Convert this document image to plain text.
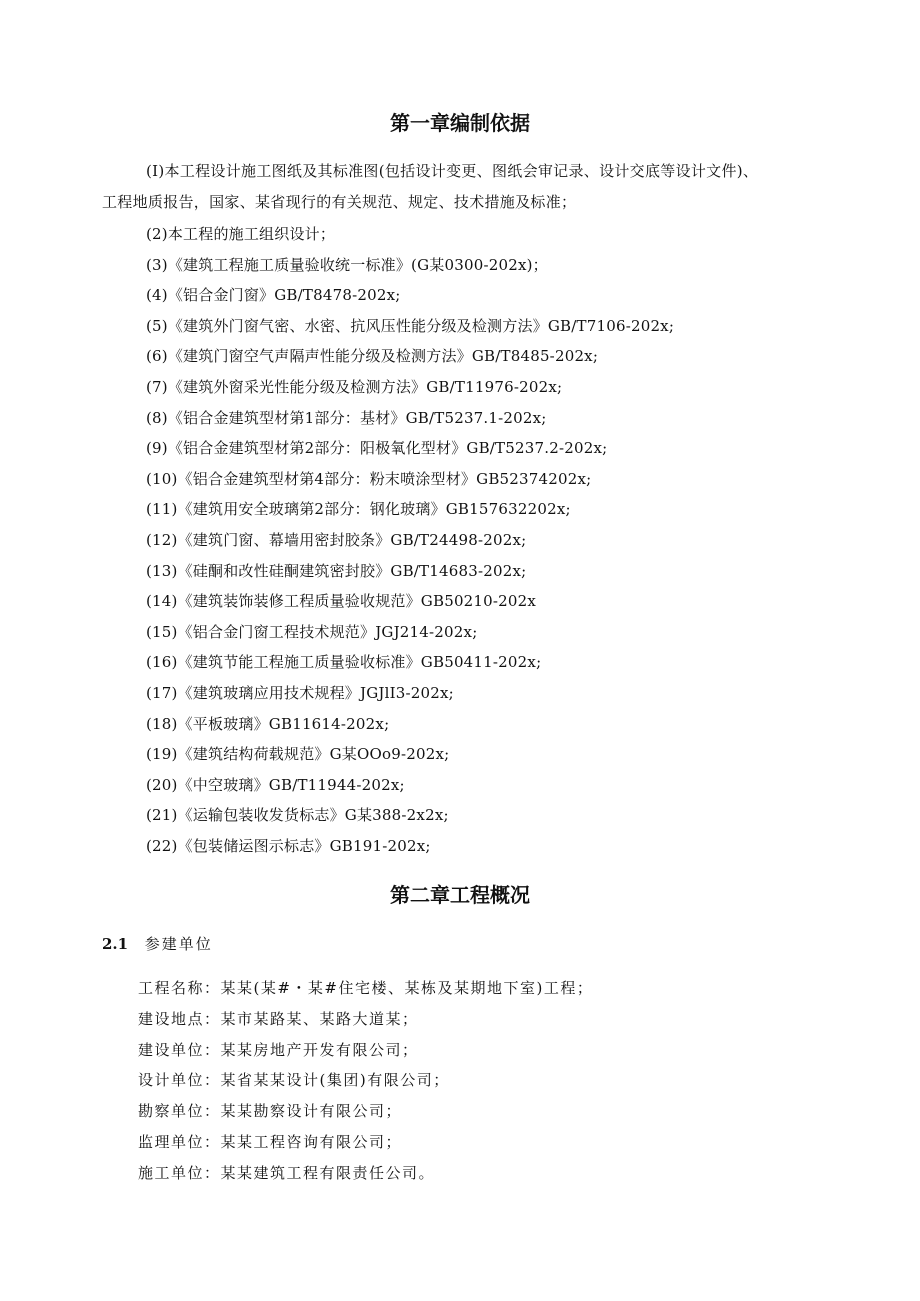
第一章编制依据
(I)本工程设计施工图纸及其标准图(包括设计变更、图纸会审记录、设计交底等设计文件)、
工程地质报告，国家、某省现行的有关规范、规定、技术措施及标准；
(2)本工程的施工组织设计；
(3)《建筑工程施工质量验收统一标准》(G某0300-202x)；
(4)《铝合金门窗》GB∕T8478-202x;
(5)《建筑外门窗气密、水密、抗风压性能分级及检测方法》GB∕T7106-202x;
(6)《建筑门窗空气声隔声性能分级及检测方法》GB∕T8485-202x;
(7)《建筑外窗采光性能分级及检测方法》GB∕T11976-202x;
(8)《铝合金建筑型材第1部分：基材》GB∕T5237.1-202x;
(9)《铝合金建筑型材第2部分：阳极氧化型材》GB∕T5237.2-202x;
(10)《铝合金建筑型材第4部分：粉末喷涂型材》GB52374202x;
(11)《建筑用安全玻璃第2部分：钢化玻璃》GB157632202x;
(12)《建筑门窗、幕墙用密封胶条》GB/T24498-202x;
(13)《硅酮和改性硅酮建筑密封胶》GB/T14683-202x;
(14)《建筑装饰装修工程质量验收规范》GB50210-202x
(15)《铝合金门窗工程技术规范》JGJ214-202x;
(16)《建筑节能工程施工质量验收标准》GB50411-202x;
(17)《建筑玻璃应用技术规程》JGJlI3-202x;
(18)《平板玻璃》GB11614-202x;
(19)《建筑结构荷载规范》G某OOo9-202x;
(20)《中空玻璃》GB∕T11944-202x;
(21)《运输包装收发货标志》G某388-2x2x;
(22)《包装储运图示标志》GB191-202x;
第二章工程概况
2.1 参建单位
工程名称：某某(某#・某#住宅楼、某栋及某期地下室)工程；
建设地点：某市某路某、某路大道某；
建设单位：某某房地产开发有限公司；
设计单位：某省某某设计(集团)有限公司；
勘察单位：某某勘察设计有限公司；
监理单位：某某工程咨询有限公司；
施工单位：某某建筑工程有限责任公司。
